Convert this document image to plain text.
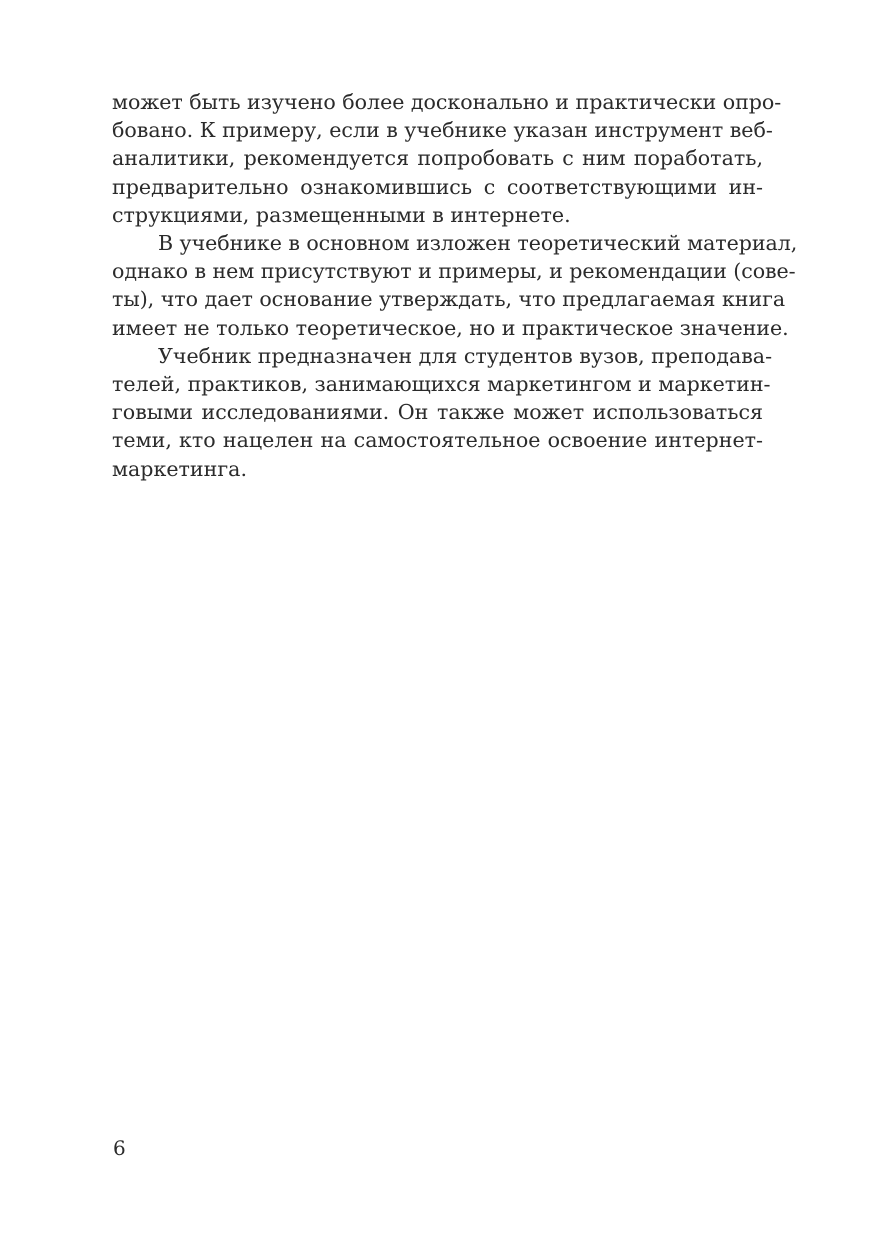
может быть изучено более досконально и практически опро-
бовано. К примеру, если в учебнике указан инструмент веб-
аналитики, рекомендуется попробовать с ним поработать,
предварительно ознакомившись с соответствующими ин-
струкциями, размещенными в интернете.

В учебнике в основном изложен теоретический материал,
однако в нем присутствуют и примеры, и рекомендации (сове-
ты), что дает основание утверждать, что предлагаемая книга
имеет не только теоретическое, но и практическое значение.

Учебник предназначен для студентов вузов, преподава-
телей, практиков, занимающихся маркетингом и маркетин-
говыми исследованиями. Он также может использоваться
теми, кто нацелен на самостоятельное освоение интернет-
маркетинга.

6
